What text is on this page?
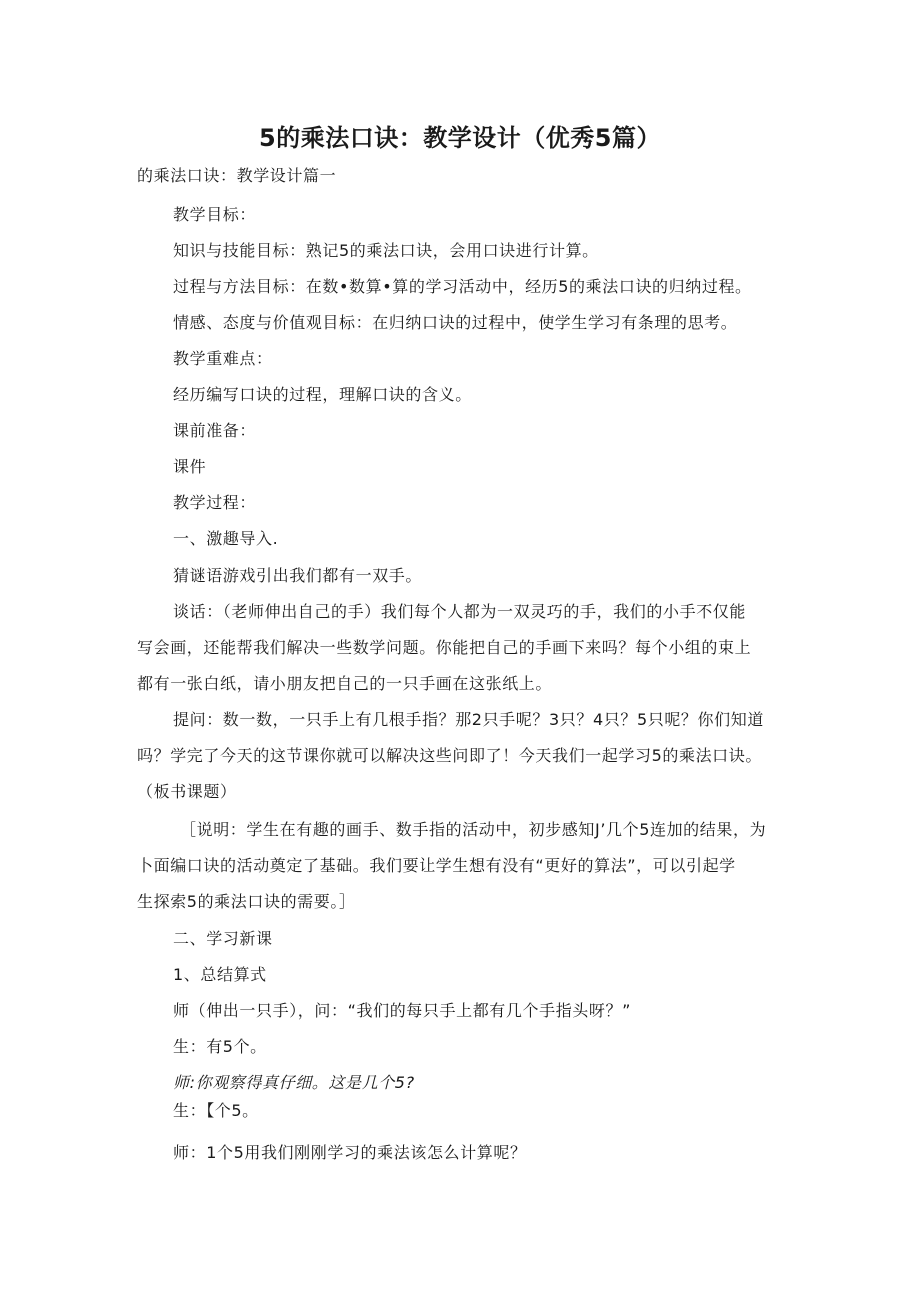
5的乘法口诀：教学设计（优秀5篇）
的乘法口诀：教学设计篇一
教学目标：
知识与技能目标：熟记5的乘法口诀，会用口诀进行计算。
过程与方法目标：在数•数算•算的学习活动中，经历5的乘法口诀的归纳过程。
情感、态度与价值观目标：在归纳口诀的过程中，使学生学习有条理的思考。
教学重难点：
经历编写口诀的过程，理解口诀的含义。
课前准备：
课件
教学过程：
一、激趣导入.
猜谜语游戏引出我们都有一双手。
谈话：（老师伸出自己的手）我们每个人都为一双灵巧的手，我们的小手不仅能
写会画，还能帮我们解决一些数学问题。你能把自己的手画下来吗？每个小组的束上
都有一张白纸，请小朋友把自己的一只手画在这张纸上。
提问：数一数，一只手上有几根手指？那2只手呢？3只？4只？5只呢？你们知道
吗？学完了今天的这节课你就可以解决这些问即了！今天我们一起学习5的乘法口诀。
（板书课题）
［说明：学生在有趣的画手、数手指的活动中，初步感知J’几个5连加的结果，为
卜面编口诀的活动奠定了基础。我们要让学生想有没有“更好的算法”，可以引起学
生探索5的乘法口诀的需要。］
二、学习新课
1、总结算式
师（伸出一只手），问：“我们的每只手上都有几个手指头呀？”
生：有5个。
师:你观察得真仔细。这是几个5?
生：【个5。
师：1个5用我们刚刚学习的乘法该怎么计算呢？
